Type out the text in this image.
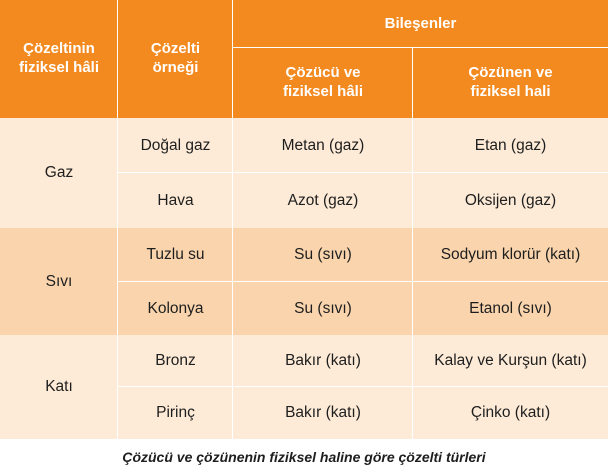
Çözeltinin fiziksel hâli
Çözelti örneği
Bileşenler
Çözücü ve fiziksel hâli
Çözünen ve fiziksel hali
Gaz
Doğal gaz	Metan (gaz)	Etan (gaz)
Hava	Azot (gaz)	Oksijen (gaz)
Sıvı
Tuzlu su	Su (sıvı)	Sodyum klorür (katı)
Kolonya	Su (sıvı)	Etanol (sıvı)
Katı
Bronz	Bakır (katı)	Kalay ve Kurşun (katı)
Pirinç	Bakır (katı)	Çinko (katı)
Çözücü ve çözünenin fiziksel haline göre çözelti türleri
